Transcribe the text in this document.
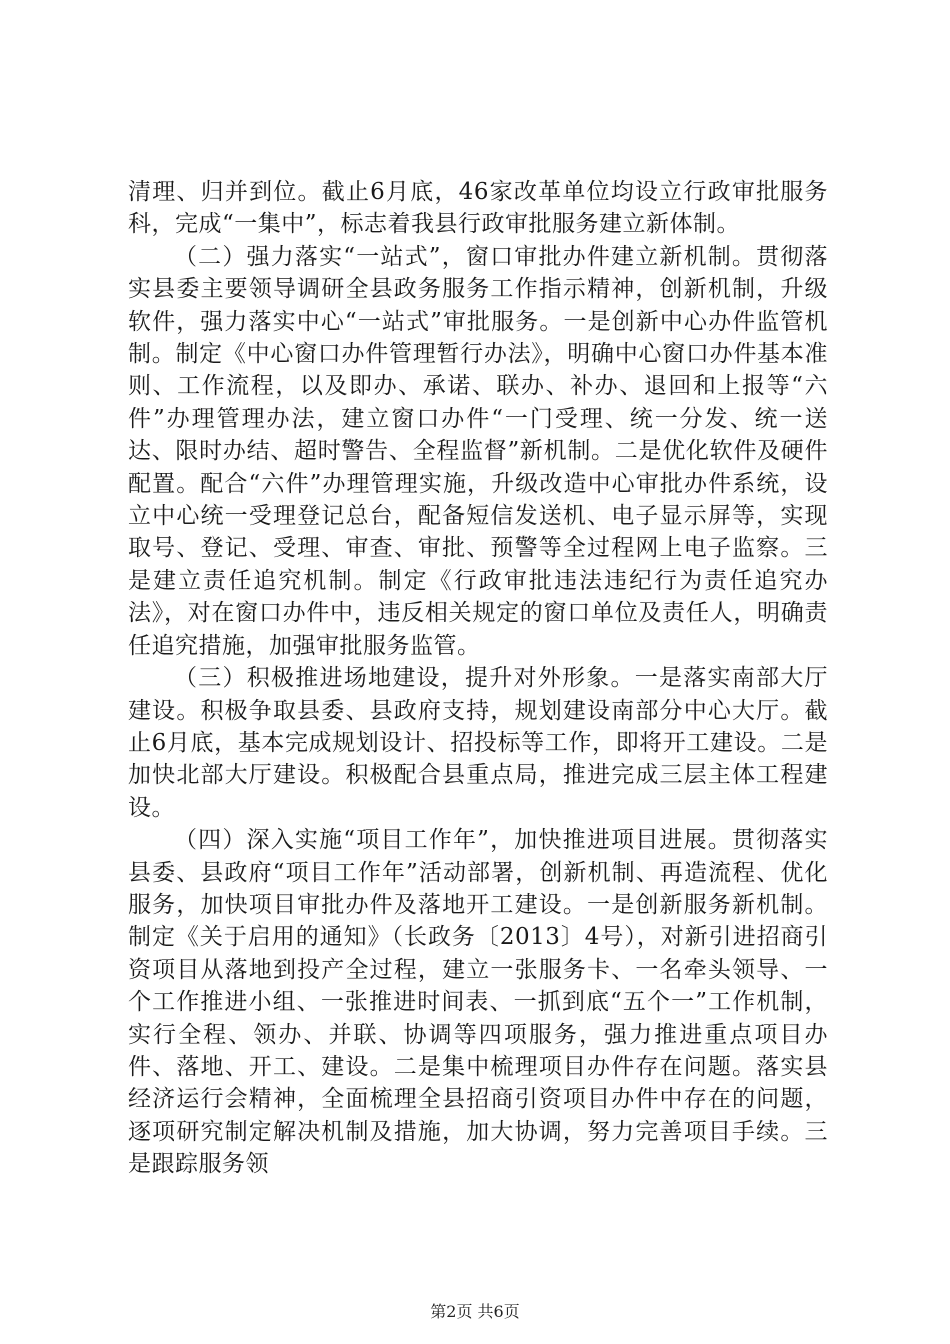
清理、归并到位。截止6月底，46家改革单位均设立行政审批服务科，完成“一集中”，标志着我县行政审批服务建立新体制。

（二）强力落实“一站式”，窗口审批办件建立新机制。贯彻落实县委主要领导调研全县政务服务工作指示精神，创新机制，升级软件，强力落实中心“一站式”审批服务。一是创新中心办件监管机制。制定《中心窗口办件管理暂行办法》，明确中心窗口办件基本准则、工作流程，以及即办、承诺、联办、补办、退回和上报等“六件”办理管理办法，建立窗口办件“一门受理、统一分发、统一送达、限时办结、超时警告、全程监督”新机制。二是优化软件及硬件配置。配合“六件”办理管理实施，升级改造中心审批办件系统，设立中心统一受理登记总台，配备短信发送机、电子显示屏等，实现取号、登记、受理、审查、审批、预警等全过程网上电子监察。三是建立责任追究机制。制定《行政审批违法违纪行为责任追究办法》，对在窗口办件中，违反相关规定的窗口单位及责任人，明确责任追究措施，加强审批服务监管。

（三）积极推进场地建设，提升对外形象。一是落实南部大厅建设。积极争取县委、县政府支持，规划建设南部分中心大厅。截止6月底，基本完成规划设计、招投标等工作，即将开工建设。二是加快北部大厅建设。积极配合县重点局，推进完成三层主体工程建设。

（四）深入实施“项目工作年”，加快推进项目进展。贯彻落实县委、县政府“项目工作年”活动部署，创新机制、再造流程、优化服务，加快项目审批办件及落地开工建设。一是创新服务新机制。制定《关于启用的通知》（长政务〔2013〕4号），对新引进招商引资项目从落地到投产全过程，建立一张服务卡、一名牵头领导、一个工作推进小组、一张推进时间表、一抓到底“五个一”工作机制，实行全程、领办、并联、协调等四项服务，强力推进重点项目办件、落地、开工、建设。二是集中梳理项目办件存在问题。落实县经济运行会精神，全面梳理全县招商引资项目办件中存在的问题，逐项研究制定解决机制及措施，加大协调，努力完善项目手续。三是跟踪服务领

第2页 共6页
